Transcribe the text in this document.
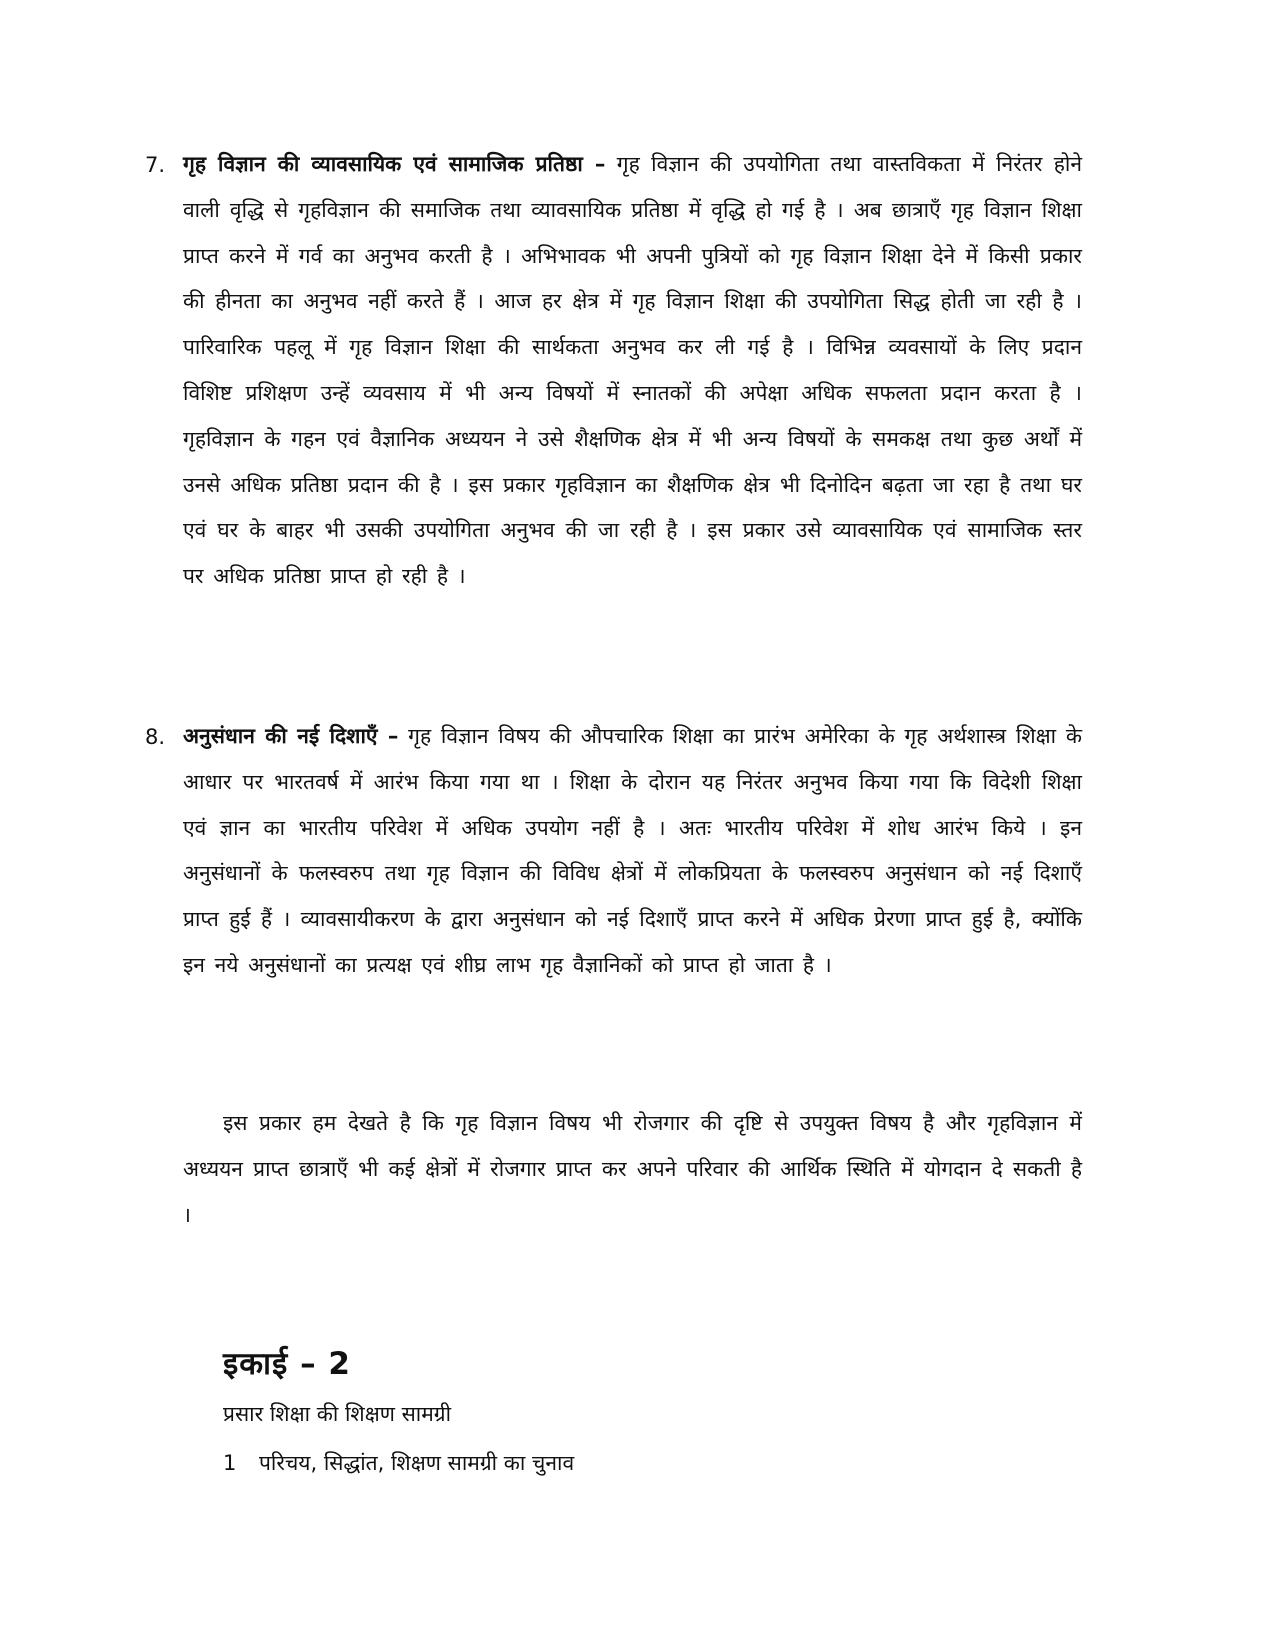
7. गृह विज्ञान की व्यावसायिक एवं सामाजिक प्रतिष्ठा – गृह विज्ञान की उपयोगिता तथा वास्तविकता में निरंतर होने वाली वृद्धि से गृहविज्ञान की समाजिक तथा व्यावसायिक प्रतिष्ठा में वृद्धि हो गई है । अब छात्राएँ गृह विज्ञान शिक्षा प्राप्त करने में गर्व का अनुभव करती है । अभिभावक भी अपनी पुत्रियों को गृह विज्ञान शिक्षा देने में किसी प्रकार की हीनता का अनुभव नहीं करते हैं । आज हर क्षेत्र में गृह विज्ञान शिक्षा की उपयोगिता सिद्ध होती जा रही है । पारिवारिक पहलू में गृह विज्ञान शिक्षा की सार्थकता अनुभव कर ली गई है । विभिन्न व्यवसायों के लिए प्रदान विशिष्ट प्रशिक्षण उन्हें व्यवसाय में भी अन्य विषयों में स्नातकों की अपेक्षा अधिक सफलता प्रदान करता है । गृहविज्ञान के गहन एवं वैज्ञानिक अध्ययन ने उसे शैक्षणिक क्षेत्र में भी अन्य विषयों के समकक्ष तथा कुछ अर्थों में उनसे अधिक प्रतिष्ठा प्रदान की है । इस प्रकार गृहविज्ञान का शैक्षणिक क्षेत्र भी दिनोदिन बढ़ता जा रहा है तथा घर एवं घर के बाहर भी उसकी उपयोगिता अनुभव की जा रही है । इस प्रकार उसे व्यावसायिक एवं सामाजिक स्तर पर अधिक प्रतिष्ठा प्राप्त हो रही है ।
8. अनुसंधान की नई दिशाएँ – गृह विज्ञान विषय की औपचारिक शिक्षा का प्रारंभ अमेरिका के गृह अर्थशास्त्र शिक्षा के आधार पर भारतवर्ष में आरंभ किया गया था । शिक्षा के दोरान यह निरंतर अनुभव किया गया कि विदेशी शिक्षा एवं ज्ञान का भारतीय परिवेश में अधिक उपयोग नहीं है । अतः भारतीय परिवेश में शोध आरंभ किये । इन अनुसंधानों के फलस्वरुप तथा गृह विज्ञान की विविध क्षेत्रों में लोकप्रियता के फलस्वरुप अनुसंधान को नई दिशाएँ प्राप्त हुई हैं । व्यावसायीकरण के द्वारा अनुसंधान को नई दिशाएँ प्राप्त करने में अधिक प्रेरणा प्राप्त हुई है, क्योंकि इन नये अनुसंधानों का प्रत्यक्ष एवं शीघ्र लाभ गृह वैज्ञानिकों को प्राप्त हो जाता है ।

इस प्रकार हम देखते है कि गृह विज्ञान विषय भी रोजगार की दृष्टि से उपयुक्त विषय है और गृहविज्ञान में अध्ययन प्राप्त छात्राएँ भी कई क्षेत्रों में रोजगार प्राप्त कर अपने परिवार की आर्थिक स्थिति में योगदान दे सकती है ।

इकाई – 2
प्रसार शिक्षा की शिक्षण सामग्री
1 परिचय, सिद्धांत, शिक्षण सामग्री का चुनाव
